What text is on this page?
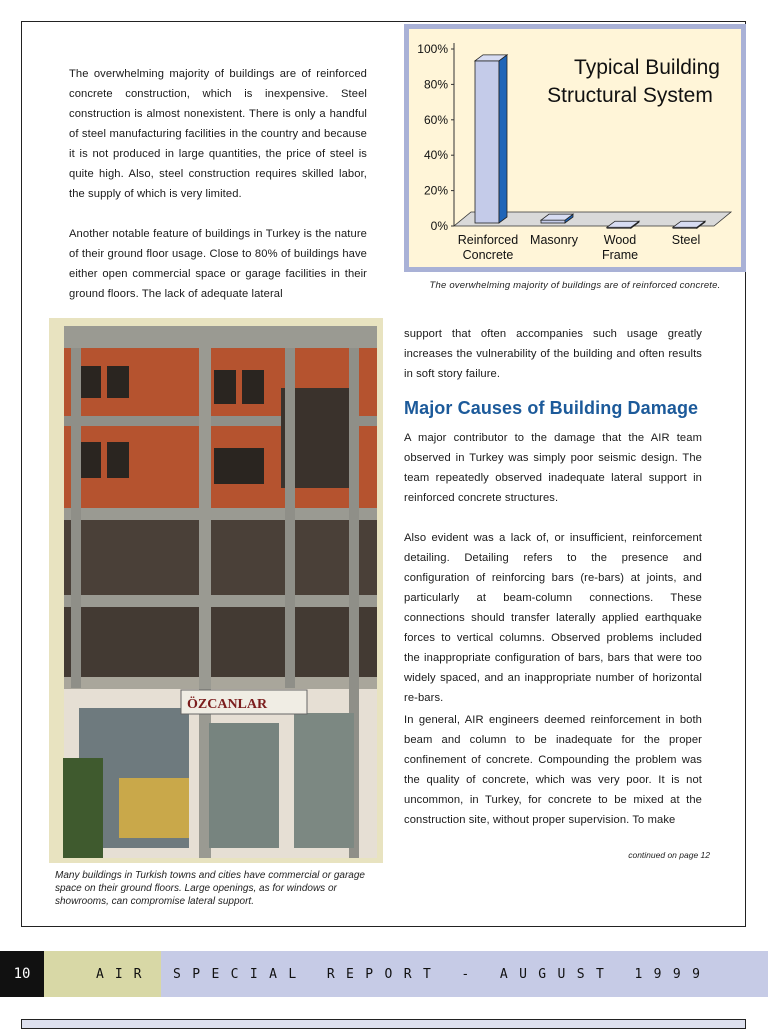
The overwhelming majority of buildings are of reinforced concrete construction, which is inexpensive. Steel construction is almost nonexistent. There is only a handful of steel manufacturing facilities in the country and because it is not produced in large quantities, the price of steel is quite high. Also, steel construction requires skilled labor, the supply of which is very limited.

Another notable feature of buildings in Turkey is the nature of their ground floor usage. Close to 80% of buildings have either open commercial space or garage facilities in their ground floors. The lack of adequate lateral

Typical Building
Structural System
0%
20%
40%
60%
80%
100%
Reinforced
Concrete
Masonry Wood
Frame
Steel
The overwhelming majority of buildings are of reinforced concrete.
ÖZCANLAR
Many buildings in Turkish towns and cities have commercial or garage space on their ground floors. Large openings, as for windows or showrooms, can compromise lateral support.

support that often accompanies such usage greatly increases the vulnerability of the building and often results in soft story failure.

Major Causes of Building Damage

A major contributor to the damage that the AIR team observed in Turkey was simply poor seismic design. The team repeatedly observed inadequate lateral support in reinforced concrete structures.

Also evident was a lack of, or insufficient, reinforcement detailing. Detailing refers to the presence and configuration of reinforcing bars (re-bars) at joints, and particularly at beam-column connections. These connections should transfer laterally applied earthquake forces to vertical columns. Observed problems included the inappropriate configuration of bars, bars that were too widely spaced, and an inappropriate number of horizontal re-bars.

In general, AIR engineers deemed reinforcement in both beam and column to be inadequate for the proper confinement of concrete. Compounding the problem was the quality of concrete, which was very poor. It is not uncommon, in Turkey, for concrete to be mixed at the construction site, without proper supervision. To make

continued on page 12
10	AIR	SPECIAL REPORT - AUGUST 1999
